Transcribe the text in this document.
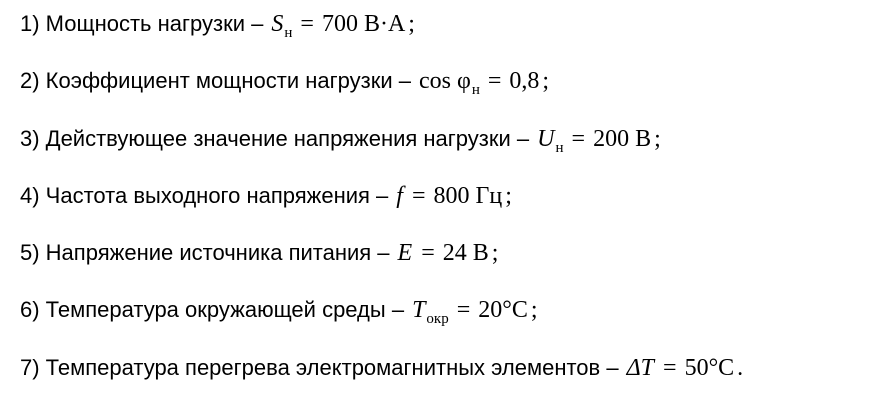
1) Мощность нагрузки – S н = 700 В·А ;
2) Коэффициент мощности нагрузки – cos φ н = 0,8 ;
3) Действующее значение напряжения нагрузки – U н = 200 В ;
4) Частота выходного напряжения – f = 800 Гц ;
5) Напряжение источника питания – E = 24 В ;
6) Температура окружающей среды – T окр = 20°C ;
7) Температура перегрева электромагнитных элементов – ΔT = 50°C .
